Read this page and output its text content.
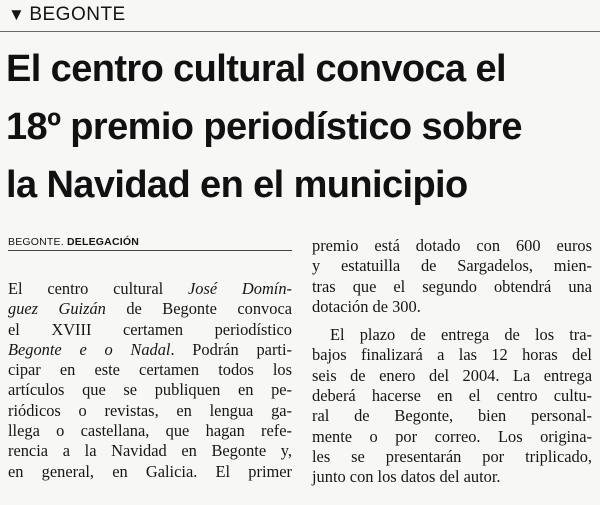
▼ BEGONTE
El centro cultural convoca el
18º premio periodístico sobre
la Navidad en el municipio
BEGONTE. DELEGACIÓN
El centro cultural José Domín-
guez Guizán de Begonte convoca
el XVIII certamen periodístico
Begonte e o Nadal. Podrán parti-
cipar en este certamen todos los
artículos que se publiquen en pe-
riódicos o revistas, en lengua ga-
llega o castellana, que hagan refe-
rencia a la Navidad en Begonte y,
en general, en Galicia. El primer
premio está dotado con 600 euros
y estatuilla de Sargadelos, mien-
tras que el segundo obtendrá una
dotación de 300.
El plazo de entrega de los tra-
bajos finalizará a las 12 horas del
seis de enero del 2004. La entrega
deberá hacerse en el centro cultu-
ral de Begonte, bien personal-
mente o por correo. Los origina-
les se presentarán por triplicado,
junto con los datos del autor.
